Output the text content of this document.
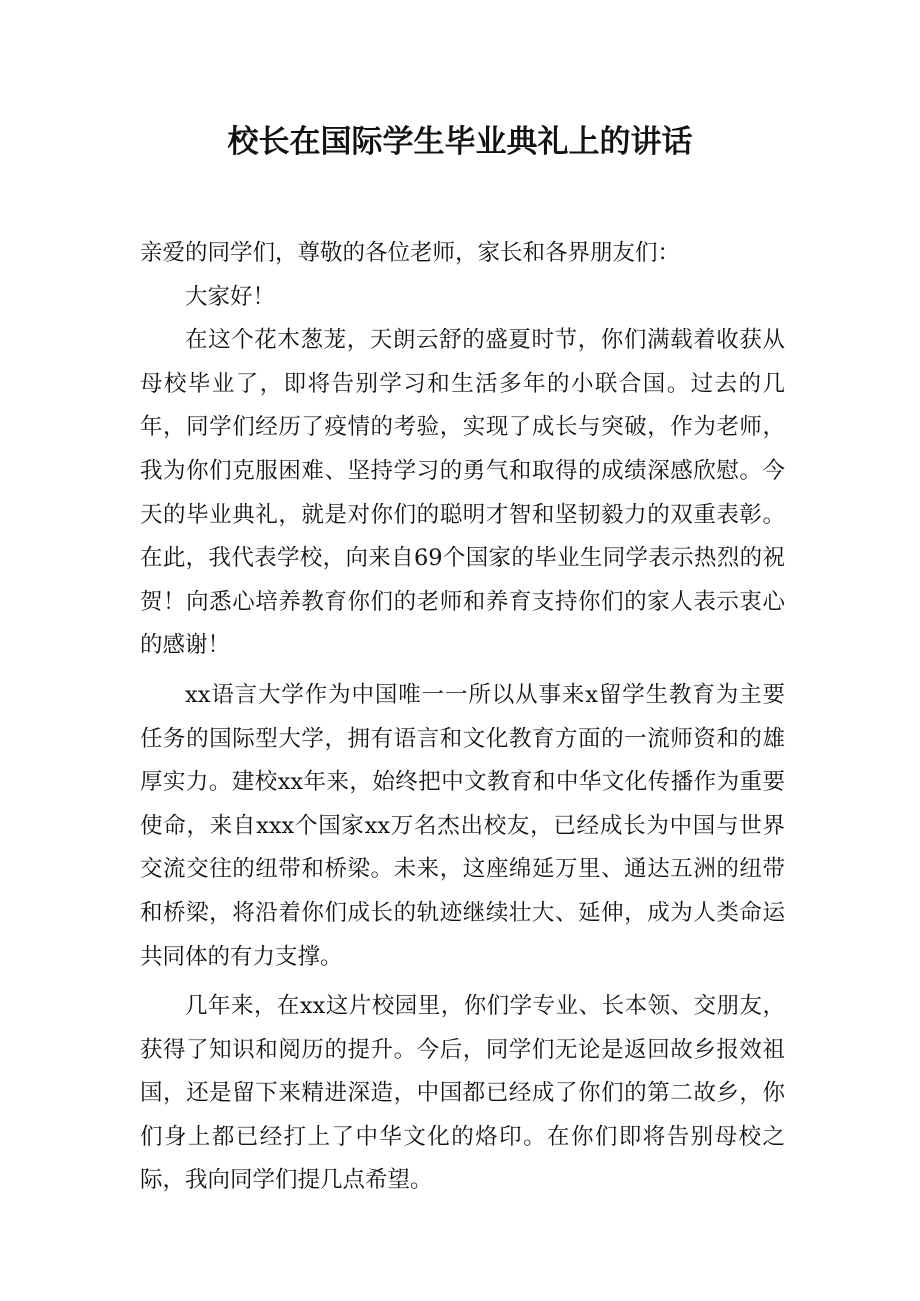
校长在国际学生毕业典礼上的讲话

亲爱的同学们，尊敬的各位老师，家长和各界朋友们：

大家好！

在这个花木葱茏，天朗云舒的盛夏时节，你们满载着收获从母校毕业了，即将告别学习和生活多年的小联合国。过去的几年，同学们经历了疫情的考验，实现了成长与突破，作为老师，我为你们克服困难、坚持学习的勇气和取得的成绩深感欣慰。今天的毕业典礼，就是对你们的聪明才智和坚韧毅力的双重表彰。在此，我代表学校，向来自69个国家的毕业生同学表示热烈的祝贺！向悉心培养教育你们的老师和养育支持你们的家人表示衷心的感谢！

xx语言大学作为中国唯一一所以从事来x留学生教育为主要任务的国际型大学，拥有语言和文化教育方面的一流师资和的雄厚实力。建校xx年来，始终把中文教育和中华文化传播作为重要使命，来自xxx个国家xx万名杰出校友，已经成长为中国与世界交流交往的纽带和桥梁。未来，这座绵延万里、通达五洲的纽带和桥梁，将沿着你们成长的轨迹继续壮大、延伸，成为人类命运共同体的有力支撑。

几年来，在xx这片校园里，你们学专业、长本领、交朋友，获得了知识和阅历的提升。今后，同学们无论是返回故乡报效祖国，还是留下来精进深造，中国都已经成了你们的第二故乡，你们身上都已经打上了中华文化的烙印。在你们即将告别母校之际，我向同学们提几点希望。
